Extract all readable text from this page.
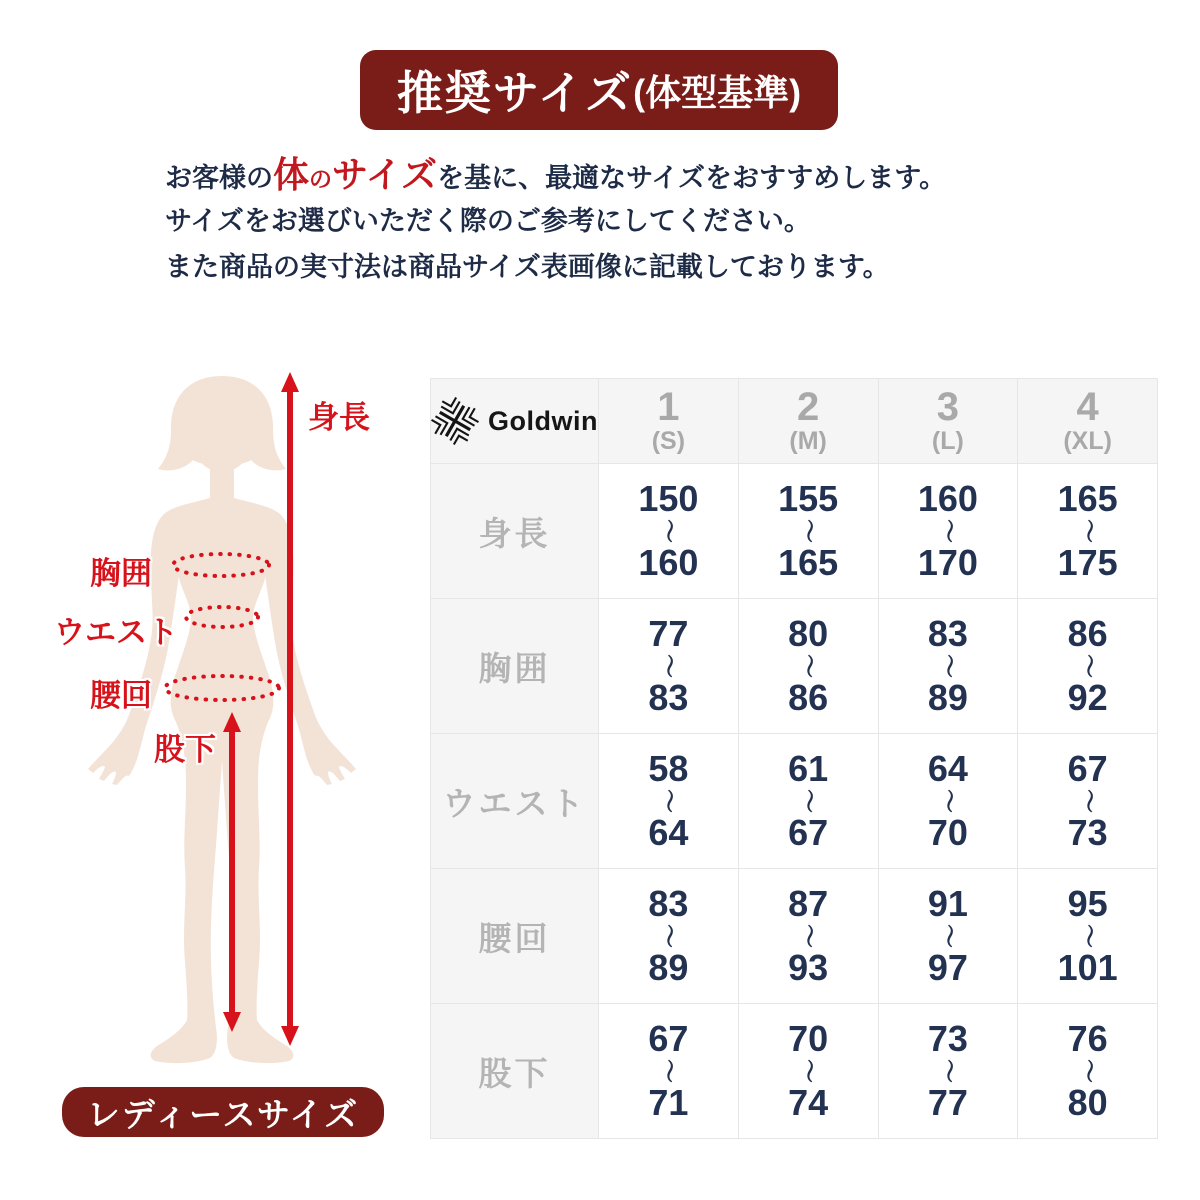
推奨サイズ (体型基準)
お客様の体のサイズを基に、最適なサイズをおすすめします。
サイズをお選びいただく際のご参考にしてください。
また商品の実寸法は商品サイズ表画像に記載しております。
身長
胸囲
ウエスト
腰回
股下
レディースサイズ
Goldwin 1
(S)
2
(M)
3
(L)
4
(XL)
身長
150
〜
160
155
〜
165
160
〜
170
165
〜
175
胸囲
77
〜
83
80
〜
86
83
〜
89
86
〜
92
ウエスト
58
〜
64
61
〜
67
64
〜
70
67
〜
73
腰回
83
〜
89
87
〜
93
91
〜
97
95
〜
101
股下
67
〜
71
70
〜
74
73
〜
77
76
〜
80
